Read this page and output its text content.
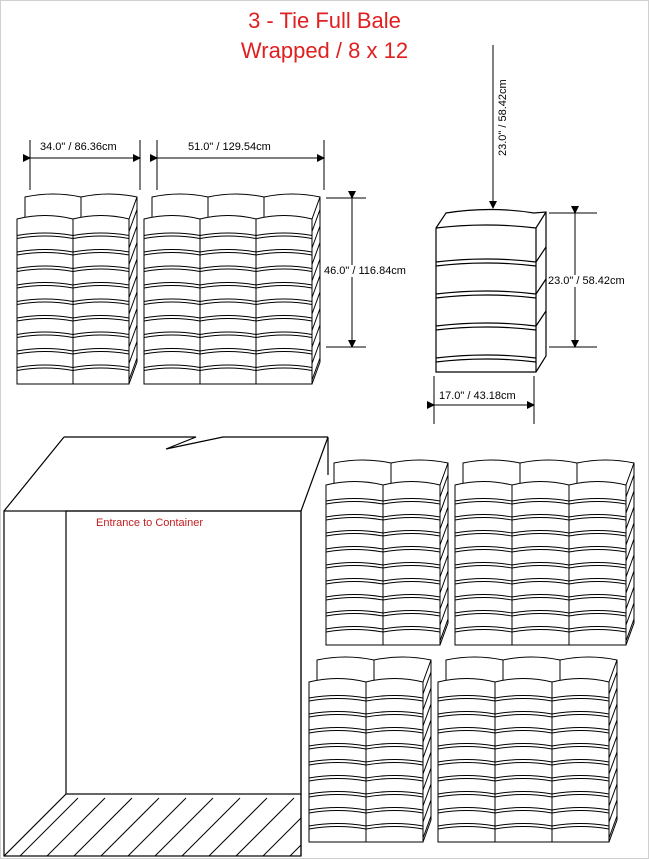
3 - Tie Full Bale
Wrapped / 8 x 12
34.0" / 86.36cm	51.0" / 129.54cm
46.0" / 116.84cm
23.0" / 58.42cm
23.0" / 58.42cm
17.0" / 43.18cm
Entrance to Container
